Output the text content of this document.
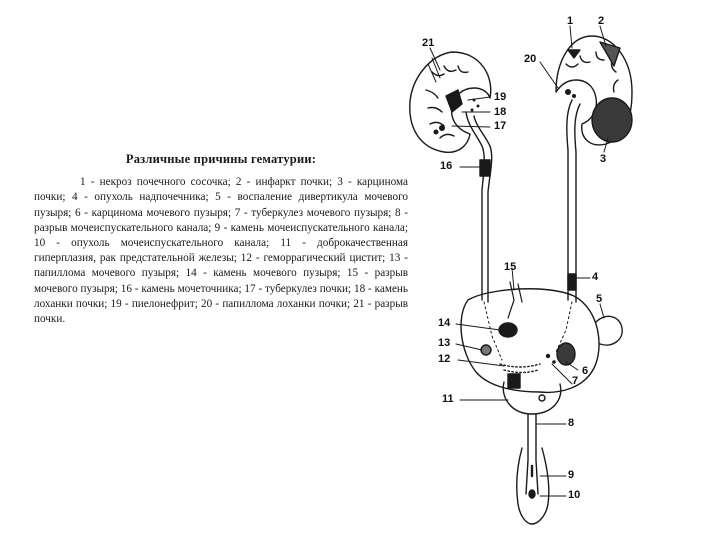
Различные причины гематурии:

1 - некроз почечного сосочка; 2 - инфаркт почки; 3 - карцинома почки; 4 - опухоль надпочечника; 5 - воспаление дивертикула мочевого пузыря; 6 - карцинома мочевого пузыря; 7 - туберкулез мочевого пузыря; 8 - разрыв мочеиспускательного канала; 9 - камень мочеиспускательного канала; 10 - опухоль мочеиспускательного канала; 11 - доброкачественная гиперплазия, рак предстательной железы; 12 - геморрагический цистит; 13 - папиллома мочевого пузыря; 14 - камень мочевого пузыря; 15 - разрыв мочевого пузыря; 16 - камень мочеточника; 17 - туберкулез почки; 18 - камень лоханки почки; 19 - пиелонефрит; 20 - папиллома лоханки почки; 21 - разрыв почки.

1 2
3
4
5
6
7
8
9
10
11
12
13
14
15
16
17
18
19
20
21
